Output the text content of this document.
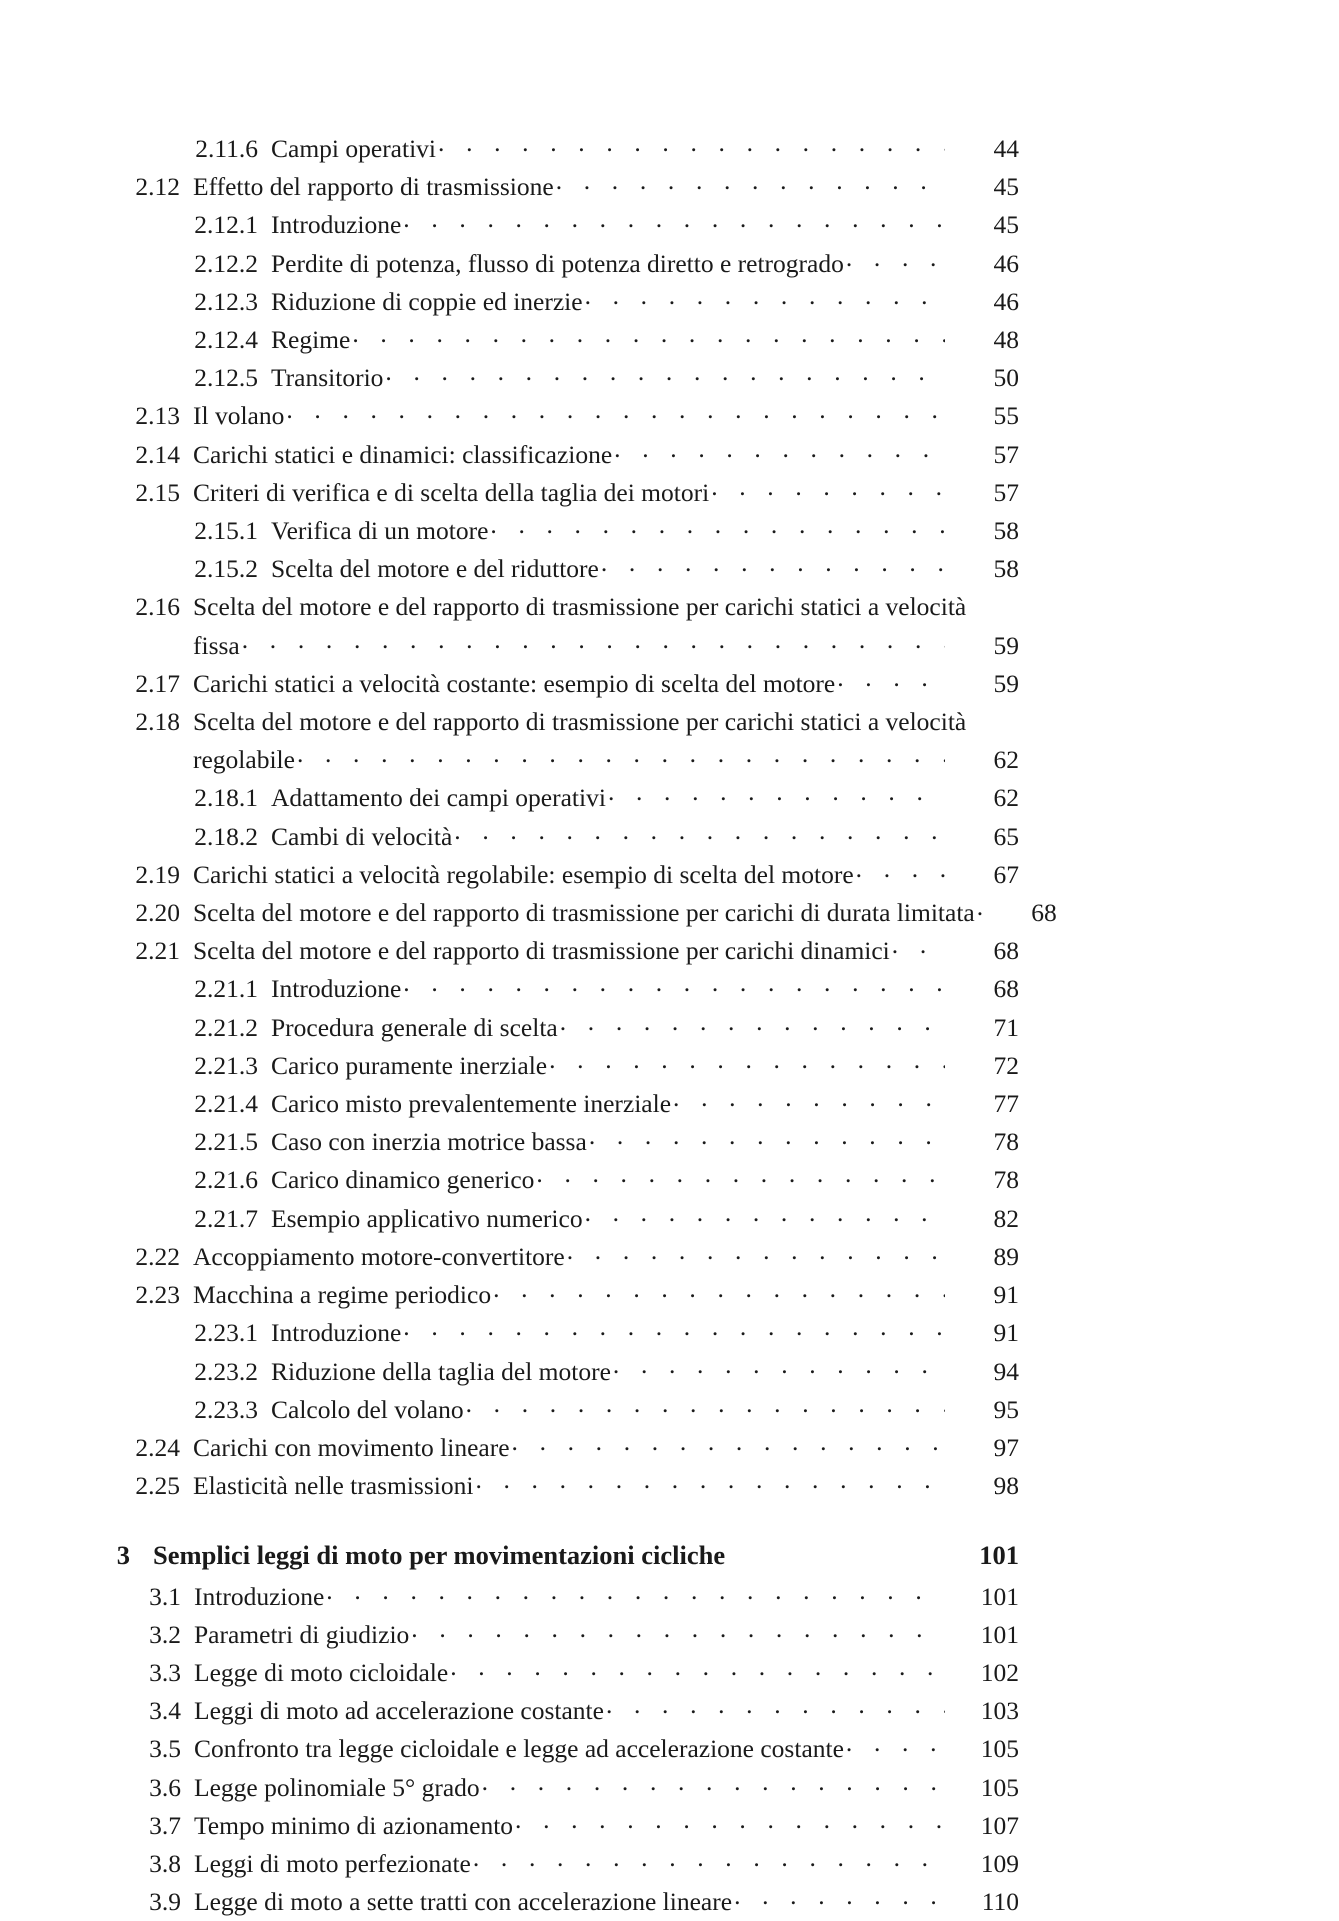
2.11.6 Campi operativi . . .	44
2.12 Effetto del rapporto di trasmissione . . .	45
2.12.1 Introduzione . . .	45
2.12.2 Perdite di potenza, flusso di potenza diretto e retrogrado . . .	46
2.12.3 Riduzione di coppie ed inerzie . . .	46
2.12.4 Regime . . .	48
2.12.5 Transitorio . . .	50
2.13 Il volano . . .	55
2.14 Carichi statici e dinamici: classificazione . . .	57
2.15 Criteri di verifica e di scelta della taglia dei motori . . .	57
2.15.1 Verifica di un motore . . .	58
2.15.2 Scelta del motore e del riduttore . . .	58
2.16 Scelta del motore e del rapporto di trasmissione per carichi statici a velocità
fissa . . .	59
2.17 Carichi statici a velocità costante: esempio di scelta del motore . . .	59
2.18 Scelta del motore e del rapporto di trasmissione per carichi statici a velocità
regolabile . . .	62
2.18.1 Adattamento dei campi operativi . . .	62
2.18.2 Cambi di velocità . . .	65
2.19 Carichi statici a velocità regolabile: esempio di scelta del motore . . .	67
2.20 Scelta del motore e del rapporto di trasmissione per carichi di durata limitata . . .	68
2.21 Scelta del motore e del rapporto di trasmissione per carichi dinamici . . .	68
2.21.1 Introduzione . . .	68
2.21.2 Procedura generale di scelta . . .	71
2.21.3 Carico puramente inerziale . . .	72
2.21.4 Carico misto prevalentemente inerziale . . .	77
2.21.5 Caso con inerzia motrice bassa . . .	78
2.21.6 Carico dinamico generico . . .	78
2.21.7 Esempio applicativo numerico . . .	82
2.22 Accoppiamento motore-convertitore . . .	89
2.23 Macchina a regime periodico . . .	91
2.23.1 Introduzione . . .	91
2.23.2 Riduzione della taglia del motore . . .	94
2.23.3 Calcolo del volano . . .	95
2.24 Carichi con movimento lineare . . .	97
2.25 Elasticità nelle trasmissioni . . .	98
3 Semplici leggi di moto per movimentazioni cicliche	101
3.1 Introduzione . . .	101
3.2 Parametri di giudizio . . .	101
3.3 Legge di moto cicloidale . . .	102
3.4 Leggi di moto ad accelerazione costante . . .	103
3.5 Confronto tra legge cicloidale e legge ad accelerazione costante . . .	105
3.6 Legge polinomiale 5° grado . . .	105
3.7 Tempo minimo di azionamento . . .	107
3.8 Leggi di moto perfezionate . . .	109
3.9 Legge di moto a sette tratti con accelerazione lineare . . .	110
